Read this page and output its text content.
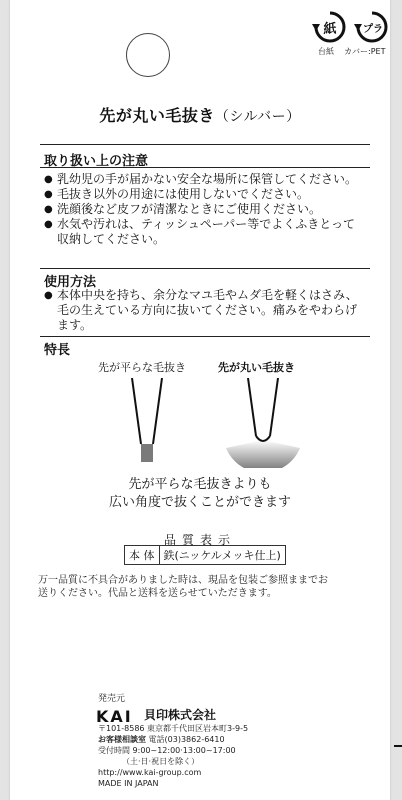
紙
台紙
プラ
カバー:PET
先が丸い毛抜き（シルバー）
取り扱い上の注意
● 乳幼児の手が届かない安全な場所に保管してください。
● 毛抜き以外の用途には使用しないでください。
● 洗顔後など皮フが清潔なときにご使用ください。
● 水気や汚れは、ティッシュペーパー等でよくふきとって収納してください。
使用方法
● 本体中央を持ち、余分なマユ毛やムダ毛を軽くはさみ、毛の生えている方向に抜いてください。痛みをやわらげます。
特長
先が平らな毛抜き	先が丸い毛抜き
先が平らな毛抜きよりも
広い角度で抜くことができます
品質表示
本 体	鉄(ニッケルメッキ仕上)
万一品質に不具合がありました時は、現品を包装ご参照ままでお送りください。代品と送料を送らせていただきます。
発売元
KAI 貝印株式会社
〒101-8586 東京都千代田区岩本町3-9-5
お客様相談室 電話(03)3862-6410
受付時間 9:00~12:00·13:00~17:00
（土·日·祝日を除く）
http://www.kai-group.com
MADE IN JAPAN
